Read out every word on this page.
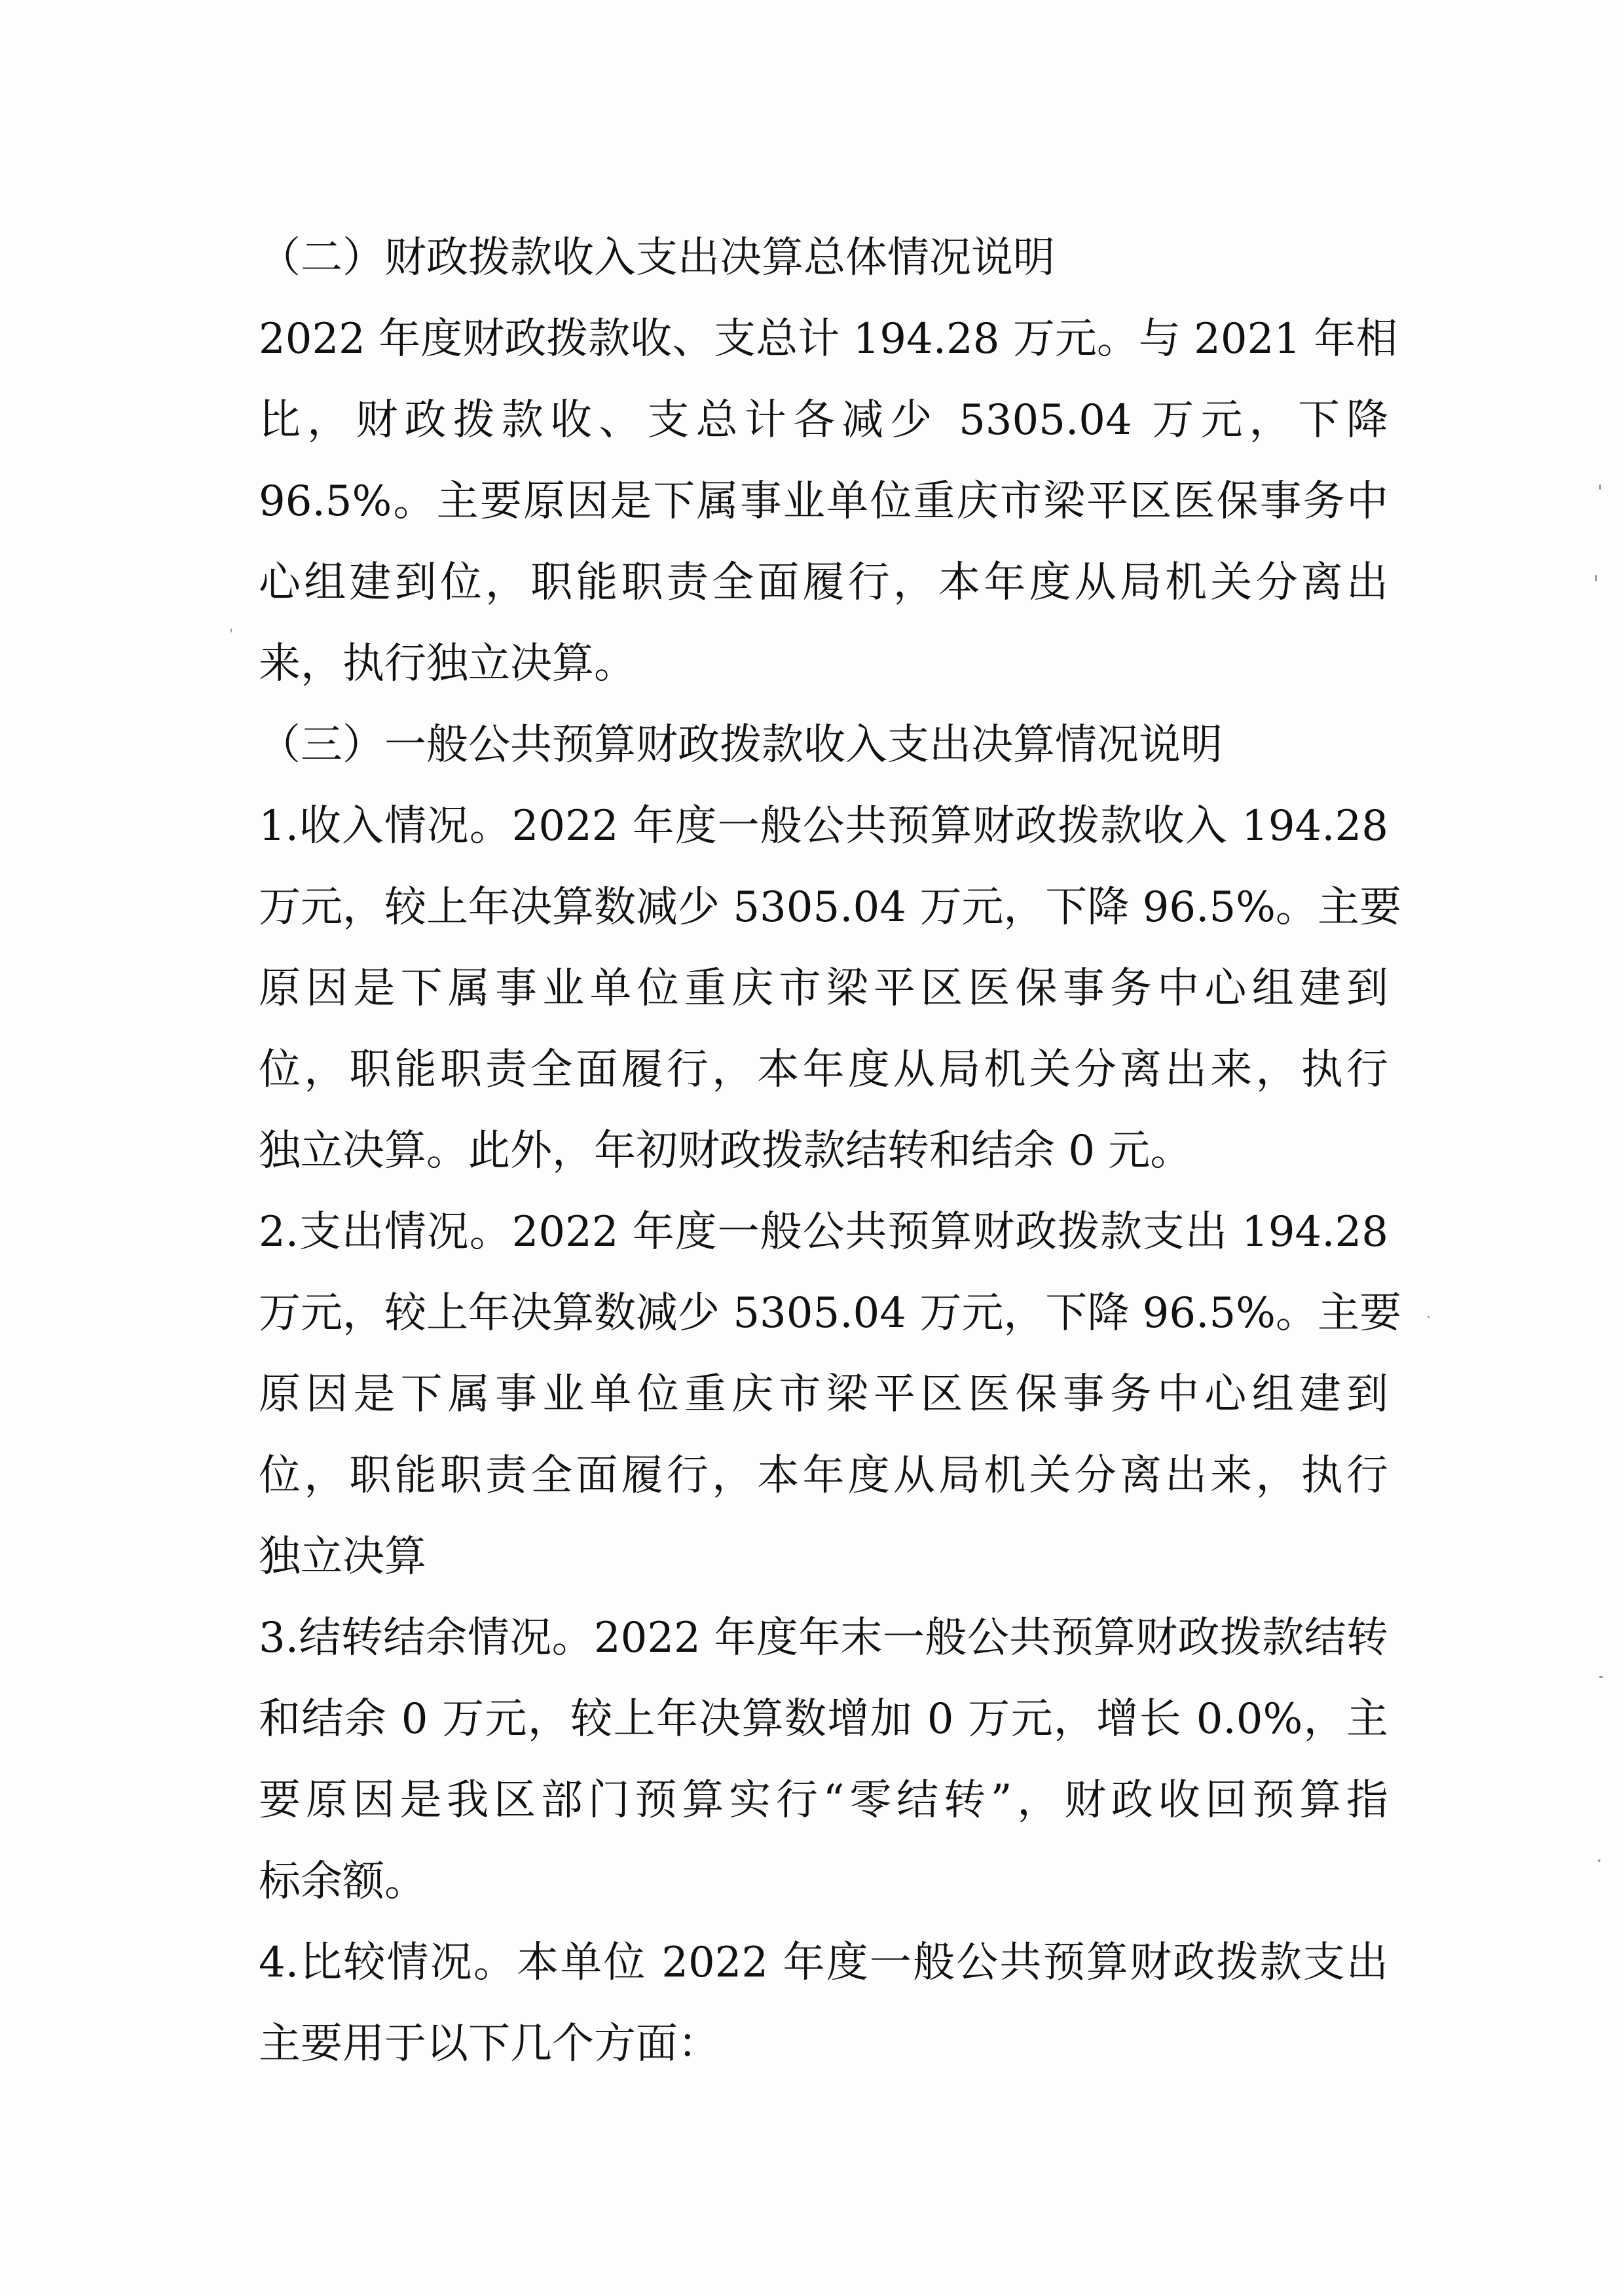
（二）财政拨款收入支出决算总体情况说明
2022 年度财政拨款收、支总计 194.28 万元。与 2021 年相
比，财政拨款收、支总计各减少 5305.04 万元，下降
96.5%。主要原因是下属事业单位重庆市梁平区医保事务中
心组建到位，职能职责全面履行，本年度从局机关分离出
来，执行独立决算。
（三）一般公共预算财政拨款收入支出决算情况说明
1.收入情况。2022 年度一般公共预算财政拨款收入 194.28
万元，较上年决算数减少 5305.04 万元，下降 96.5%。主要
原因是下属事业单位重庆市梁平区医保事务中心组建到
位，职能职责全面履行，本年度从局机关分离出来，执行
独立决算。此外，年初财政拨款结转和结余 0 元。
2.支出情况。2022 年度一般公共预算财政拨款支出 194.28
万元，较上年决算数减少 5305.04 万元，下降 96.5%。主要
原因是下属事业单位重庆市梁平区医保事务中心组建到
位，职能职责全面履行，本年度从局机关分离出来，执行
独立决算
3.结转结余情况。2022 年度年末一般公共预算财政拨款结转
和结余 0 万元，较上年决算数增加 0 万元，增长 0.0%，主
要原因是我区部门预算实行“零结转”，财政收回预算指
标余额。
4.比较情况。本单位 2022 年度一般公共预算财政拨款支出
主要用于以下几个方面：
